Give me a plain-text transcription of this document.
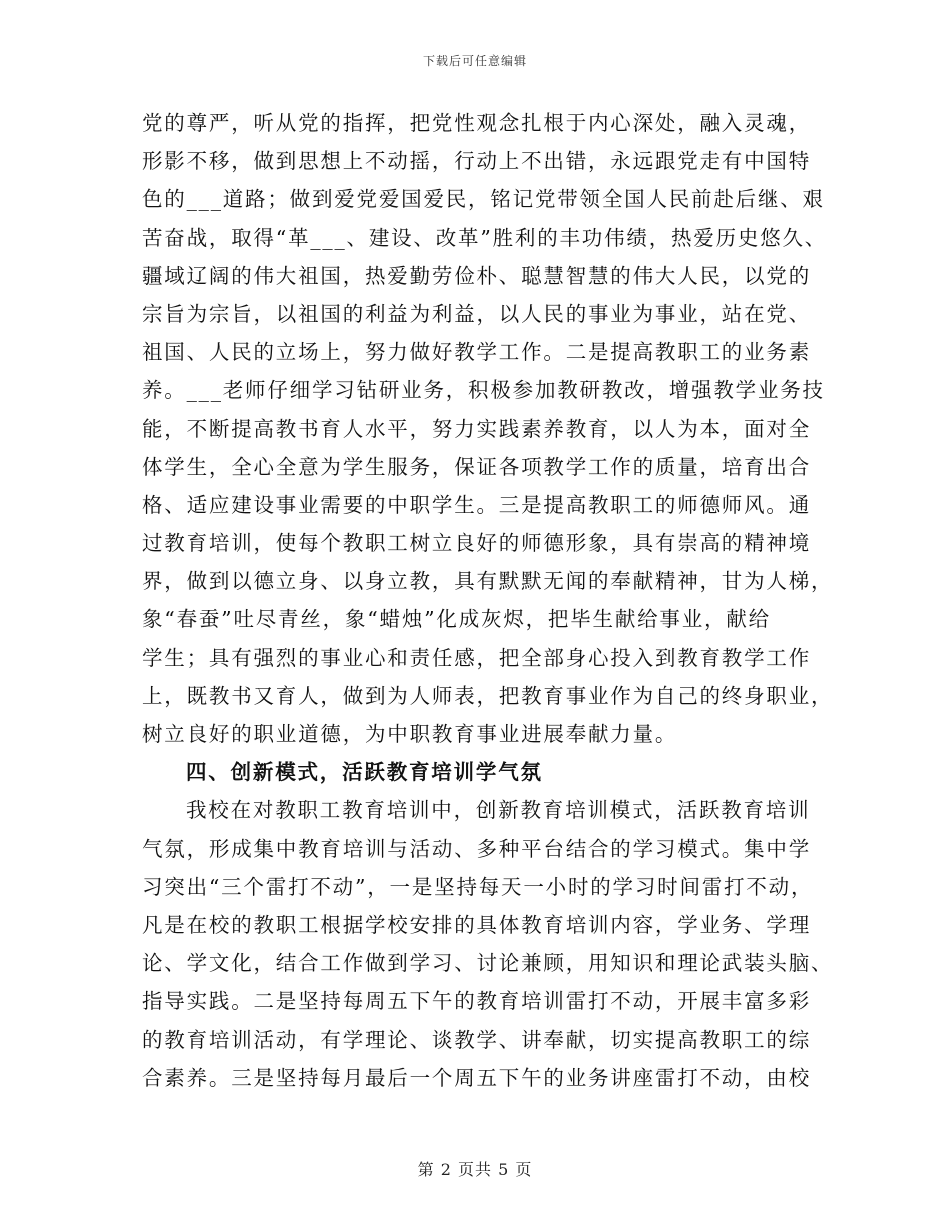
下载后可任意编辑
党的尊严，听从党的指挥，把党性观念扎根于内心深处，融入灵魂，
形影不移，做到思想上不动摇，行动上不出错，永远跟党走有中国特
色的___道路；做到爱党爱国爱民，铭记党带领全国人民前赴后继、艰
苦奋战，取得“革___、建设、改革”胜利的丰功伟绩，热爱历史悠久、
疆域辽阔的伟大祖国，热爱勤劳俭朴、聪慧智慧的伟大人民，以党的
宗旨为宗旨，以祖国的利益为利益，以人民的事业为事业，站在党、
祖国、人民的立场上，努力做好教学工作。二是提高教职工的业务素
养。___老师仔细学习钻研业务，积极参加教研教改，增强教学业务技
能，不断提高教书育人水平，努力实践素养教育，以人为本，面对全
体学生，全心全意为学生服务，保证各项教学工作的质量，培育出合
格、适应建设事业需要的中职学生。三是提高教职工的师德师风。通
过教育培训，使每个教职工树立良好的师德形象，具有崇高的精神境
界，做到以德立身、以身立教，具有默默无闻的奉献精神，甘为人梯，
象“春蚕”吐尽青丝，象“蜡烛”化成灰烬，把毕生献给事业，献给
学生；具有强烈的事业心和责任感，把全部身心投入到教育教学工作
上，既教书又育人，做到为人师表，把教育事业作为自己的终身职业，
树立良好的职业道德，为中职教育事业进展奉献力量。
四、创新模式，活跃教育培训学气氛
我校在对教职工教育培训中，创新教育培训模式，活跃教育培训
气氛，形成集中教育培训与活动、多种平台结合的学习模式。集中学
习突出“三个雷打不动”，一是坚持每天一小时的学习时间雷打不动，
凡是在校的教职工根据学校安排的具体教育培训内容，学业务、学理
论、学文化，结合工作做到学习、讨论兼顾，用知识和理论武装头脑、
指导实践。二是坚持每周五下午的教育培训雷打不动，开展丰富多彩
的教育培训活动，有学理论、谈教学、讲奉献，切实提高教职工的综
合素养。三是坚持每月最后一个周五下午的业务讲座雷打不动，由校
第 2 页共 5 页
